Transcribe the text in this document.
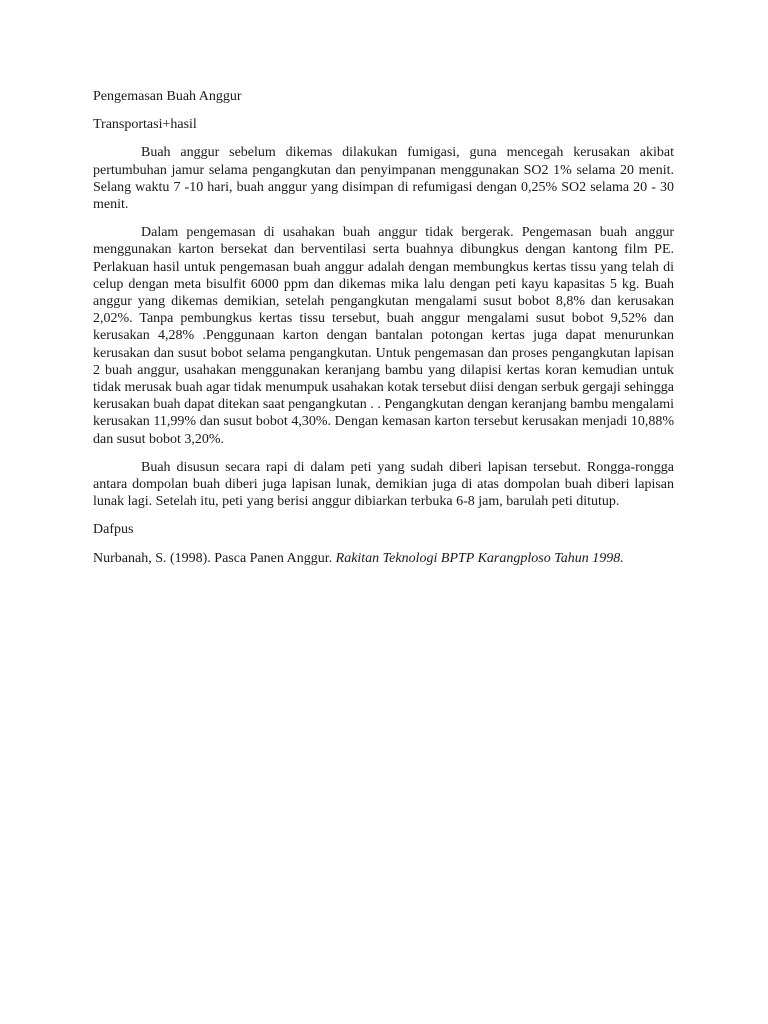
Pengemasan Buah Anggur

Transportasi+hasil

Buah anggur sebelum dikemas dilakukan fumigasi, guna mencegah kerusakan akibat pertumbuhan jamur selama pengangkutan dan penyimpanan menggunakan SO2 1% selama 20 menit. Selang waktu 7 -10 hari, buah anggur yang disimpan di refumigasi dengan 0,25% SO2 selama 20 - 30 menit.

Dalam pengemasan di usahakan buah anggur tidak bergerak. Pengemasan buah anggur menggunakan karton bersekat dan berventilasi serta buahnya dibungkus dengan kantong film PE. Perlakuan hasil untuk pengemasan buah anggur adalah dengan membungkus kertas tissu yang telah di celup dengan meta bisulfit 6000 ppm dan dikemas mika lalu dengan peti kayu kapasitas 5 kg. Buah anggur yang dikemas demikian, setelah pengangkutan mengalami susut bobot 8,8% dan kerusakan 2,02%. Tanpa pembungkus kertas tissu tersebut, buah anggur mengalami susut bobot 9,52% dan kerusakan 4,28% .Penggunaan karton dengan bantalan potongan kertas juga dapat menurunkan kerusakan dan susut bobot selama pengangkutan. Untuk pengemasan dan proses pengangkutan lapisan 2 buah anggur, usahakan menggunakan keranjang bambu yang dilapisi kertas koran kemudian untuk tidak merusak buah agar tidak menumpuk usahakan kotak tersebut diisi dengan serbuk gergaji sehingga kerusakan buah dapat ditekan saat pengangkutan . . Pengangkutan dengan keranjang bambu mengalami kerusakan 11,99% dan susut bobot 4,30%. Dengan kemasan karton tersebut kerusakan menjadi 10,88% dan susut bobot 3,20%.

Buah disusun secara rapi di dalam peti yang sudah diberi lapisan tersebut. Rongga-rongga antara dompolan buah diberi juga lapisan lunak, demikian juga di atas dompolan buah diberi lapisan lunak lagi. Setelah itu, peti yang berisi anggur dibiarkan terbuka 6-8 jam, barulah peti ditutup.

Dafpus

Nurbanah, S. (1998). Pasca Panen Anggur. Rakitan Teknologi BPTP Karangploso Tahun 1998.
